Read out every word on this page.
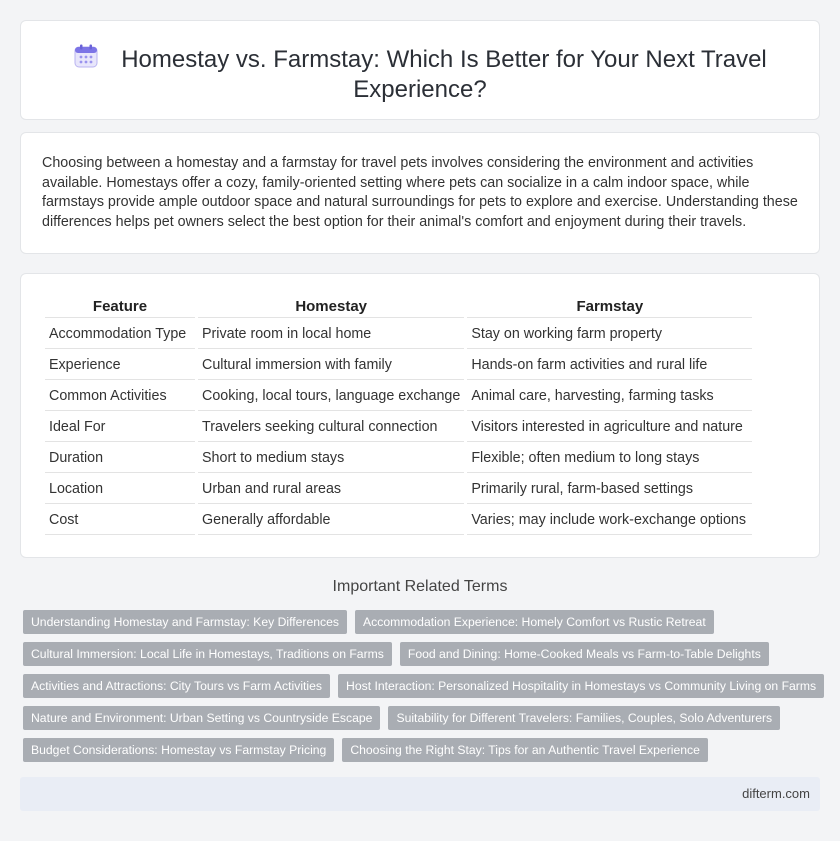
Homestay vs. Farmstay: Which Is Better for Your Next Travel Experience?

Choosing between a homestay and a farmstay for travel pets involves considering the environment and activities available. Homestays offer a cozy, family-oriented setting where pets can socialize in a calm indoor space, while farmstays provide ample outdoor space and natural surroundings for pets to explore and exercise. Understanding these differences helps pet owners select the best option for their animal's comfort and enjoyment during their travels.

Feature	Homestay	Farmstay
Accommodation Type	Private room in local home	Stay on working farm property
Experience	Cultural immersion with family	Hands-on farm activities and rural life
Common Activities	Cooking, local tours, language exchange	Animal care, harvesting, farming tasks
Ideal For	Travelers seeking cultural connection	Visitors interested in agriculture and nature
Duration	Short to medium stays	Flexible; often medium to long stays
Location	Urban and rural areas	Primarily rural, farm-based settings
Cost	Generally affordable	Varies; may include work-exchange options
Important Related Terms
Understanding Homestay and Farmstay: Key Differences	Accommodation Experience: Homely Comfort vs Rustic Retreat
Cultural Immersion: Local Life in Homestays, Traditions on Farms	Food and Dining: Home-Cooked Meals vs Farm-to-Table Delights
Activities and Attractions: City Tours vs Farm Activities	Host Interaction: Personalized Hospitality in Homestays vs Community Living on Farms
Nature and Environment: Urban Setting vs Countryside Escape	Suitability for Different Travelers: Families, Couples, Solo Adventurers
Budget Considerations: Homestay vs Farmstay Pricing	Choosing the Right Stay: Tips for an Authentic Travel Experience
difterm.com
